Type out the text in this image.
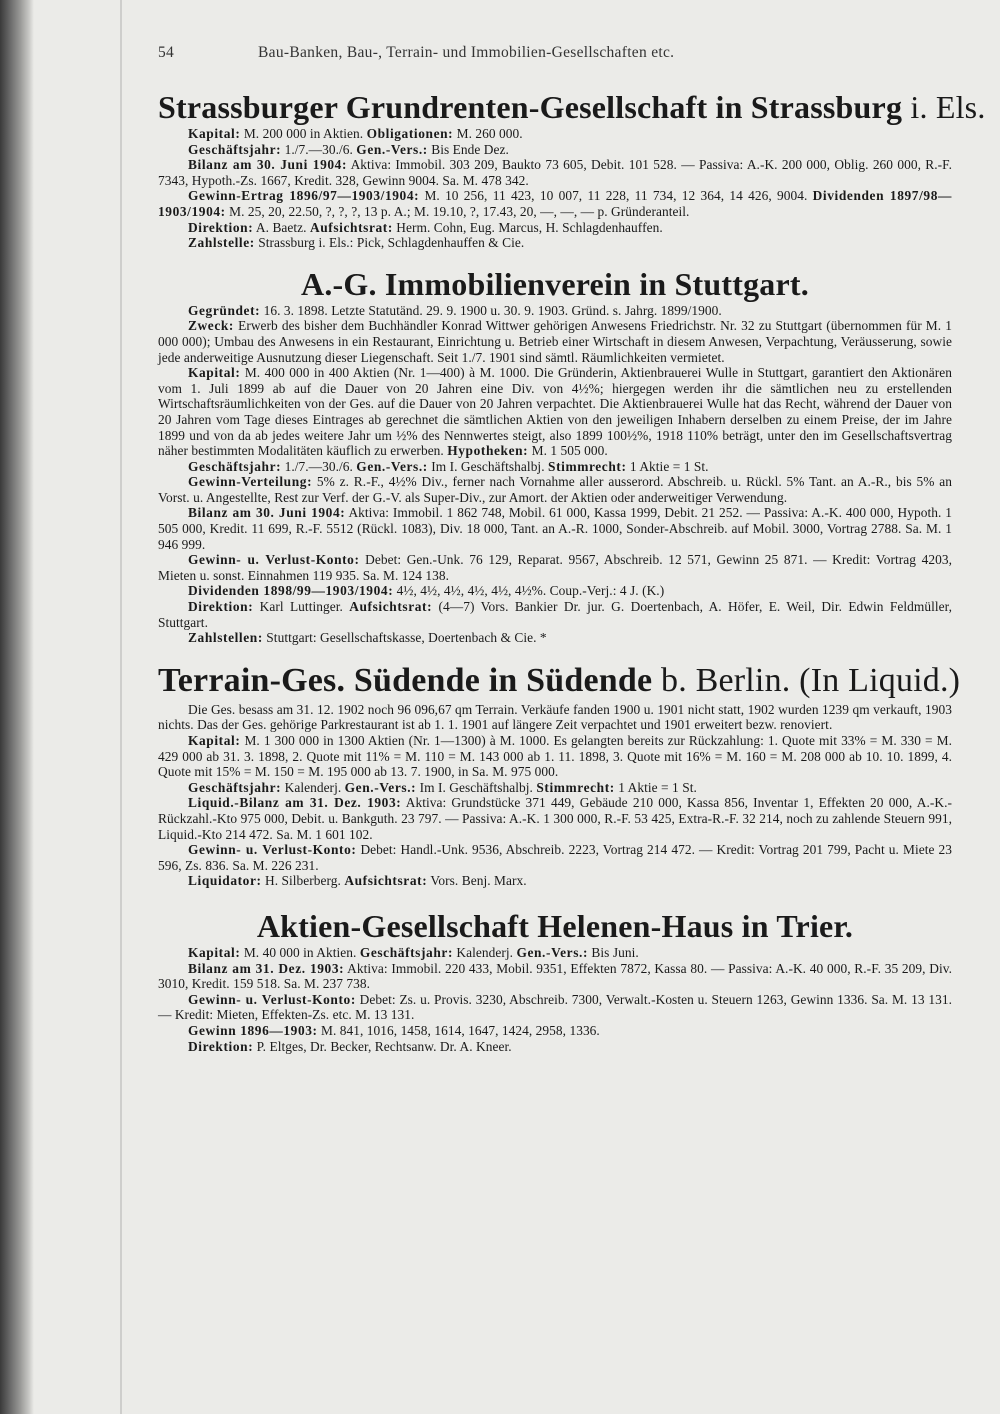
54	Bau-Banken, Bau-, Terrain- und Immobilien-Gesellschaften etc.
Strassburger Grundrenten-Gesellschaft in Strassburg i. Els.

Kapital: M. 200 000 in Aktien. Obligationen: M. 260 000.

Geschäftsjahr: 1./7.—30./6. Gen.-Vers.: Bis Ende Dez.

Bilanz am 30. Juni 1904: Aktiva: Immobil. 303 209, Baukto 73 605, Debit. 101 528. — Passiva: A.-K. 200 000, Oblig. 260 000, R.-F. 7343, Hypoth.-Zs. 1667, Kredit. 328, Gewinn 9004. Sa. M. 478 342.

Gewinn-Ertrag 1896/97—1903/1904: M. 10 256, 11 423, 10 007, 11 228, 11 734, 12 364, 14 426, 9004. Dividenden 1897/98—1903/1904: M. 25, 20, 22.50, ?, ?, ?, 13 p. A.; M. 19.10, ?, 17.43, 20, —, —, — p. Gründeranteil.

Direktion: A. Baetz. Aufsichtsrat: Herm. Cohn, Eug. Marcus, H. Schlagdenhauffen.

Zahlstelle: Strassburg i. Els.: Pick, Schlagdenhauffen & Cie.

A.-G. Immobilienverein in Stuttgart.

Gegründet: 16. 3. 1898. Letzte Statutänd. 29. 9. 1900 u. 30. 9. 1903. Gründ. s. Jahrg. 1899/1900.

Zweck: Erwerb des bisher dem Buchhändler Konrad Wittwer gehörigen Anwesens Friedrichstr. Nr. 32 zu Stuttgart (übernommen für M. 1 000 000); Umbau des Anwesens in ein Restaurant, Einrichtung u. Betrieb einer Wirtschaft in diesem Anwesen, Verpachtung, Veräusserung, sowie jede anderweitige Ausnutzung dieser Liegenschaft. Seit 1./7. 1901 sind sämtl. Räumlichkeiten vermietet.

Kapital: M. 400 000 in 400 Aktien (Nr. 1—400) à M. 1000. Die Gründerin, Aktienbrauerei Wulle in Stuttgart, garantiert den Aktionären vom 1. Juli 1899 ab auf die Dauer von 20 Jahren eine Div. von 4½%; hiergegen werden ihr die sämtlichen neu zu erstellenden Wirtschaftsräumlichkeiten von der Ges. auf die Dauer von 20 Jahren verpachtet. Die Aktienbrauerei Wulle hat das Recht, während der Dauer von 20 Jahren vom Tage dieses Eintrages ab gerechnet die sämtlichen Aktien von den jeweiligen Inhabern derselben zu einem Preise, der im Jahre 1899 und von da ab jedes weitere Jahr um ½% des Nennwertes steigt, also 1899 100½%, 1918 110% beträgt, unter den im Gesellschaftsvertrag näher bestimmten Modalitäten käuflich zu erwerben. Hypotheken: M. 1 505 000.

Geschäftsjahr: 1./7.—30./6. Gen.-Vers.: Im I. Geschäftshalbj. Stimmrecht: 1 Aktie = 1 St.

Gewinn-Verteilung: 5% z. R.-F., 4½% Div., ferner nach Vornahme aller ausserord. Abschreib. u. Rückl. 5% Tant. an A.-R., bis 5% an Vorst. u. Angestellte, Rest zur Verf. der G.-V. als Super-Div., zur Amort. der Aktien oder anderweitiger Verwendung.

Bilanz am 30. Juni 1904: Aktiva: Immobil. 1 862 748, Mobil. 61 000, Kassa 1999, Debit. 21 252. — Passiva: A.-K. 400 000, Hypoth. 1 505 000, Kredit. 11 699, R.-F. 5512 (Rückl. 1083), Div. 18 000, Tant. an A.-R. 1000, Sonder-Abschreib. auf Mobil. 3000, Vortrag 2788. Sa. M. 1 946 999.

Gewinn- u. Verlust-Konto: Debet: Gen.-Unk. 76 129, Reparat. 9567, Abschreib. 12 571, Gewinn 25 871. — Kredit: Vortrag 4203, Mieten u. sonst. Einnahmen 119 935. Sa. M. 124 138.

Dividenden 1898/99—1903/1904: 4½, 4½, 4½, 4½, 4½, 4½%. Coup.-Verj.: 4 J. (K.)

Direktion: Karl Luttinger. Aufsichtsrat: (4—7) Vors. Bankier Dr. jur. G. Doertenbach, A. Höfer, E. Weil, Dir. Edwin Feldmüller, Stuttgart.

Zahlstellen: Stuttgart: Gesellschaftskasse, Doertenbach & Cie. *

Terrain-Ges. Südende in Südende b. Berlin. (In Liquid.)

Die Ges. besass am 31. 12. 1902 noch 96 096,67 qm Terrain. Verkäufe fanden 1900 u. 1901 nicht statt, 1902 wurden 1239 qm verkauft, 1903 nichts. Das der Ges. gehörige Parkrestaurant ist ab 1. 1. 1901 auf längere Zeit verpachtet und 1901 erweitert bezw. renoviert.

Kapital: M. 1 300 000 in 1300 Aktien (Nr. 1—1300) à M. 1000. Es gelangten bereits zur Rückzahlung: 1. Quote mit 33% = M. 330 = M. 429 000 ab 31. 3. 1898, 2. Quote mit 11% = M. 110 = M. 143 000 ab 1. 11. 1898, 3. Quote mit 16% = M. 160 = M. 208 000 ab 10. 10. 1899, 4. Quote mit 15% = M. 150 = M. 195 000 ab 13. 7. 1900, in Sa. M. 975 000.

Geschäftsjahr: Kalenderj. Gen.-Vers.: Im I. Geschäftshalbj. Stimmrecht: 1 Aktie = 1 St.

Liquid.-Bilanz am 31. Dez. 1903: Aktiva: Grundstücke 371 449, Gebäude 210 000, Kassa 856, Inventar 1, Effekten 20 000, A.-K.-Rückzahl.-Kto 975 000, Debit. u. Bankguth. 23 797. — Passiva: A.-K. 1 300 000, R.-F. 53 425, Extra-R.-F. 32 214, noch zu zahlende Steuern 991, Liquid.-Kto 214 472. Sa. M. 1 601 102.

Gewinn- u. Verlust-Konto: Debet: Handl.-Unk. 9536, Abschreib. 2223, Vortrag 214 472. — Kredit: Vortrag 201 799, Pacht u. Miete 23 596, Zs. 836. Sa. M. 226 231.

Liquidator: H. Silberberg. Aufsichtsrat: Vors. Benj. Marx.

Aktien-Gesellschaft Helenen-Haus in Trier.

Kapital: M. 40 000 in Aktien. Geschäftsjahr: Kalenderj. Gen.-Vers.: Bis Juni.

Bilanz am 31. Dez. 1903: Aktiva: Immobil. 220 433, Mobil. 9351, Effekten 7872, Kassa 80. — Passiva: A.-K. 40 000, R.-F. 35 209, Div. 3010, Kredit. 159 518. Sa. M. 237 738.

Gewinn- u. Verlust-Konto: Debet: Zs. u. Provis. 3230, Abschreib. 7300, Verwalt.-Kosten u. Steuern 1263, Gewinn 1336. Sa. M. 13 131. — Kredit: Mieten, Effekten-Zs. etc. M. 13 131.

Gewinn 1896—1903: M. 841, 1016, 1458, 1614, 1647, 1424, 2958, 1336.

Direktion: P. Eltges, Dr. Becker, Rechtsanw. Dr. A. Kneer.
